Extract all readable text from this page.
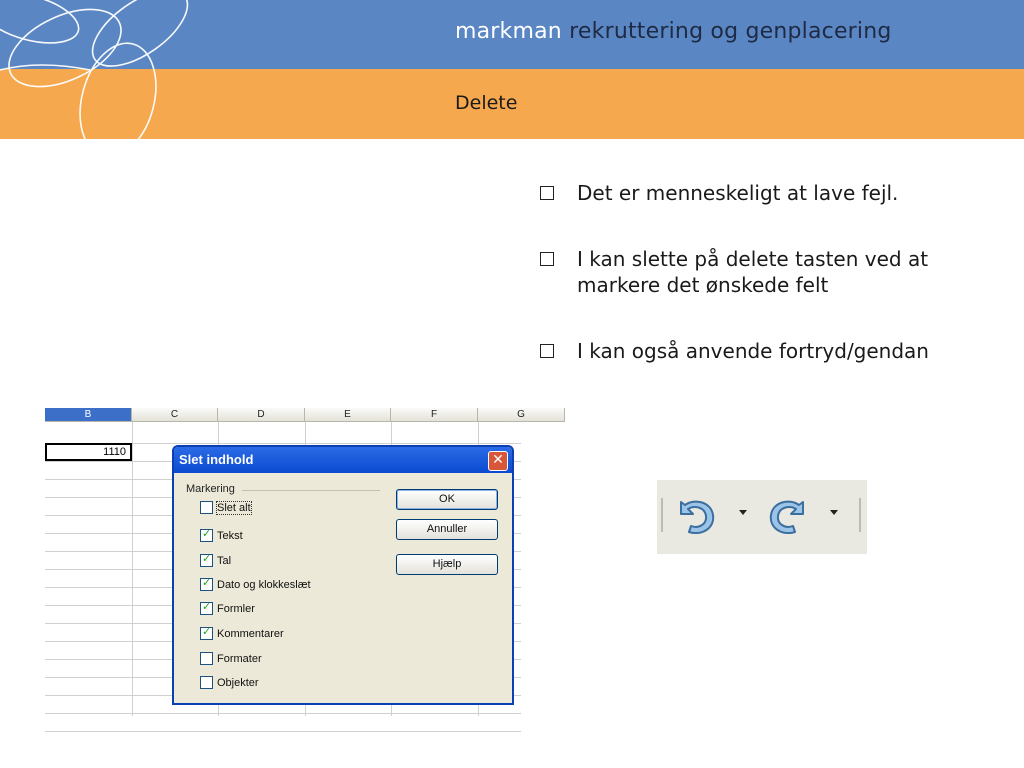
markman rekruttering og genplacering
Delete
Det er menneskeligt at lave fejl.
I kan slette på delete tasten ved at markere det ønskede felt
I kan også anvende fortryd/gendan
B	C	D	E	F	G
1110	Slet indhold	✕
Markering
Slet alt
✓
Tekst
✓
Tal
✓
Dato og klokkeslæt
✓
Formler
✓
Kommentarer
Formater
Objekter
OK
Annuller
Hjælp
